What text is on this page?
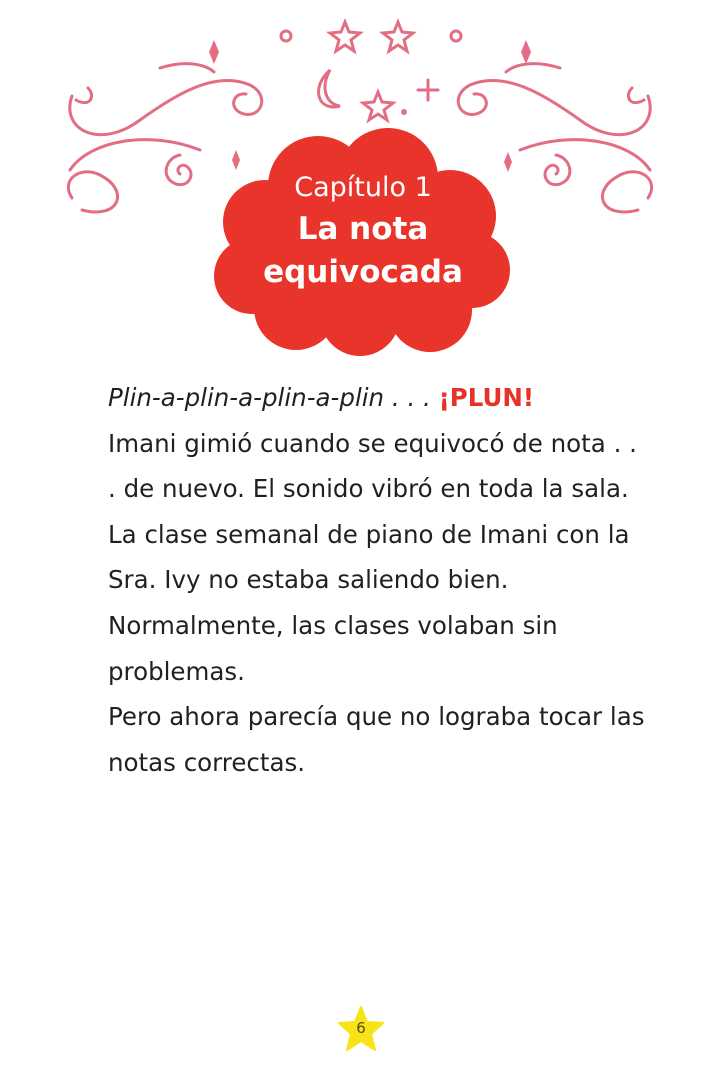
Capítulo 1
La nota
equivocada

Plin-a-plin-a-plin-a-plin . . . ¡PLUN!

Imani gimió cuando se equivocó de nota . . . de nuevo. El sonido vibró en toda la sala. La clase semanal de piano de Imani con la Sra. Ivy no estaba saliendo bien. Normalmente, las clases volaban sin problemas.

Pero ahora parecía que no lograba tocar las notas correctas.

6
